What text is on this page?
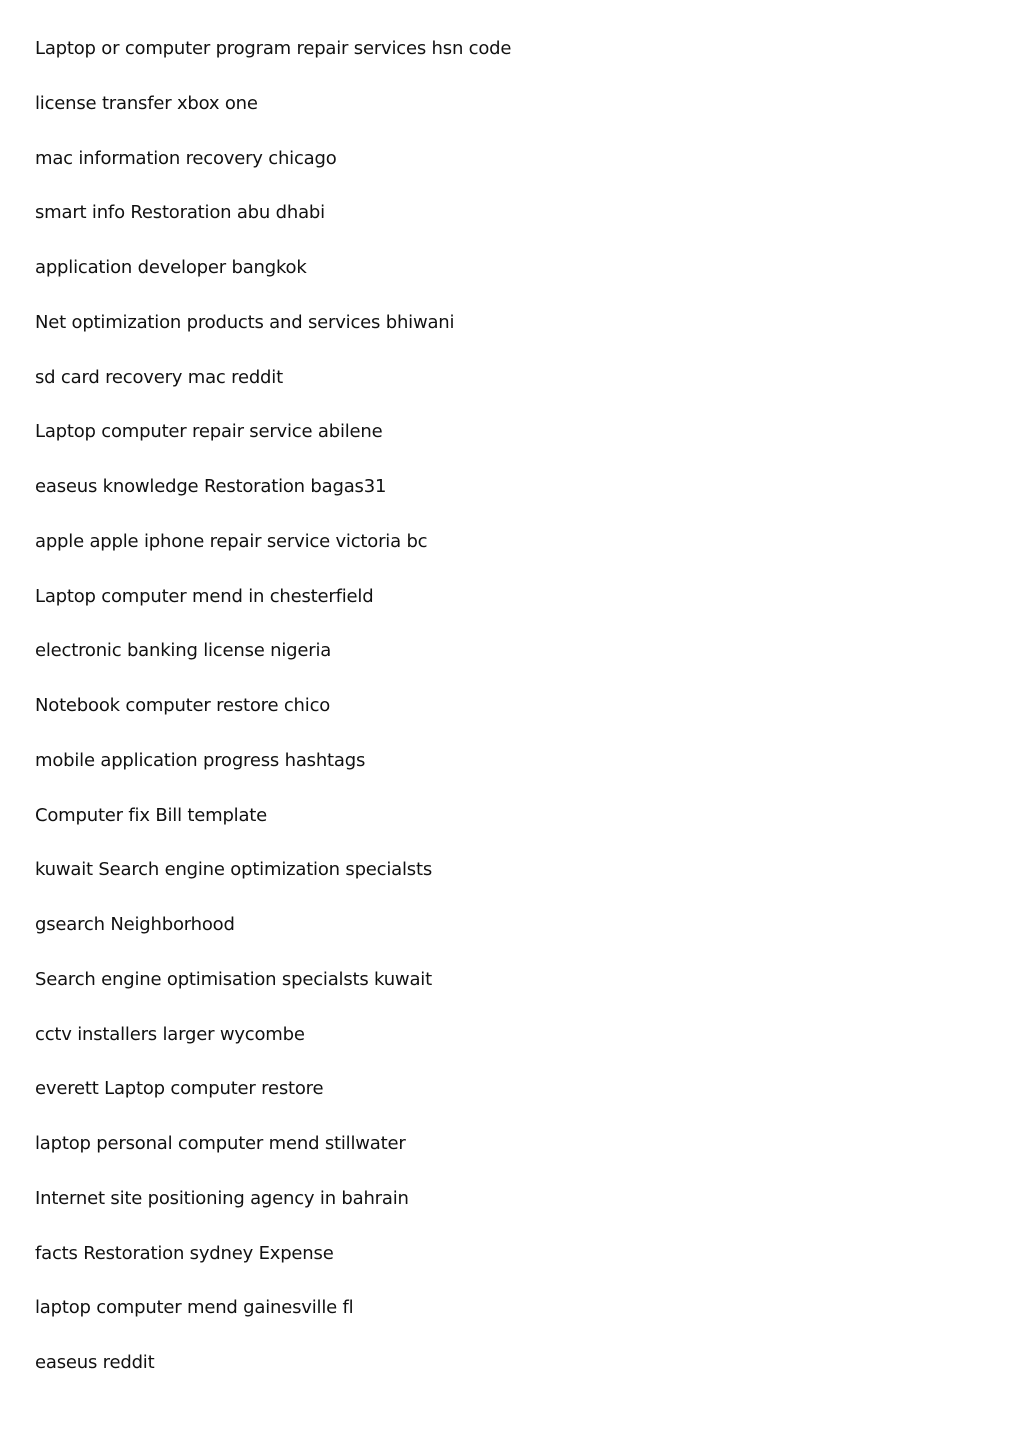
Laptop or computer program repair services hsn code
license transfer xbox one
mac information recovery chicago
smart info Restoration abu dhabi
application developer bangkok
Net optimization products and services bhiwani
sd card recovery mac reddit
Laptop computer repair service abilene
easeus knowledge Restoration bagas31
apple apple iphone repair service victoria bc
Laptop computer mend in chesterfield
electronic banking license nigeria
Notebook computer restore chico
mobile application progress hashtags
Computer fix Bill template
kuwait Search engine optimization specialsts
gsearch Neighborhood
Search engine optimisation specialsts kuwait
cctv installers larger wycombe
everett Laptop computer restore
laptop personal computer mend stillwater
Internet site positioning agency in bahrain
facts Restoration sydney Expense
laptop computer mend gainesville fl
easeus reddit
